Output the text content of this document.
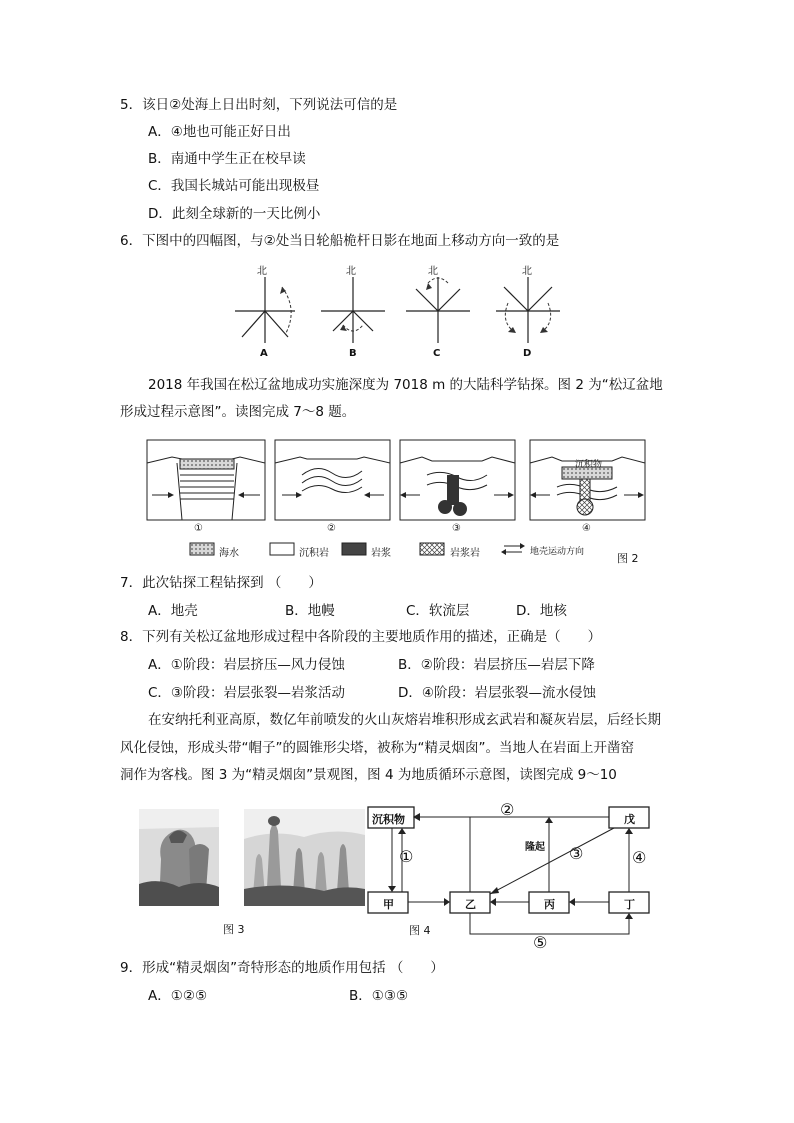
5．该日②处海上日出时刻，下列说法可信的是
A．④地也可能正好日出
B．南通中学生正在校早读
C．我国长城站可能出现极昼
D．此刻全球新的一天比例小
6．下图中的四幅图，与②处当日轮船桅杆日影在地面上移动方向一致的是
北	北	北	北
A	B	C	D
2018 年我国在松辽盆地成功实施深度为 7018 m 的大陆科学钻探。图 2 为“松辽盆地
形成过程示意图”。读图完成 7～8 题。
①	②	③	④
沉积物
海水	沉积岩	岩浆	岩浆岩	地壳运动方向	图 2
7．此次钻探工程钻探到 （　　）
A．地壳	B．地幔	C．软流层	D．地核
8．下列有关松辽盆地形成过程中各阶段的主要地质作用的描述，正确是（　　）
A．①阶段：岩层挤压—风力侵蚀	B．②阶段：岩层挤压—岩层下降
C．③阶段：岩层张裂—岩浆活动	D．④阶段：岩层张裂—流水侵蚀
在安纳托利亚高原，数亿年前喷发的火山灰熔岩堆积形成玄武岩和凝灰岩层，后经长期
风化侵蚀，形成头带“帽子”的圆锥形尖塔，被称为“精灵烟囱”。当地人在岩面上开凿窑
洞作为客栈。图 3 为“精灵烟囱”景观图，图 4 为地质循环示意图，读图完成 9～10
图 3
沉积物	戊
甲	乙	丙	丁
①
②
③	④
⑤
隆起
图 4
9．形成“精灵烟囱”奇特形态的地质作用包括 （　　）
A．①②⑤	B．①③⑤
